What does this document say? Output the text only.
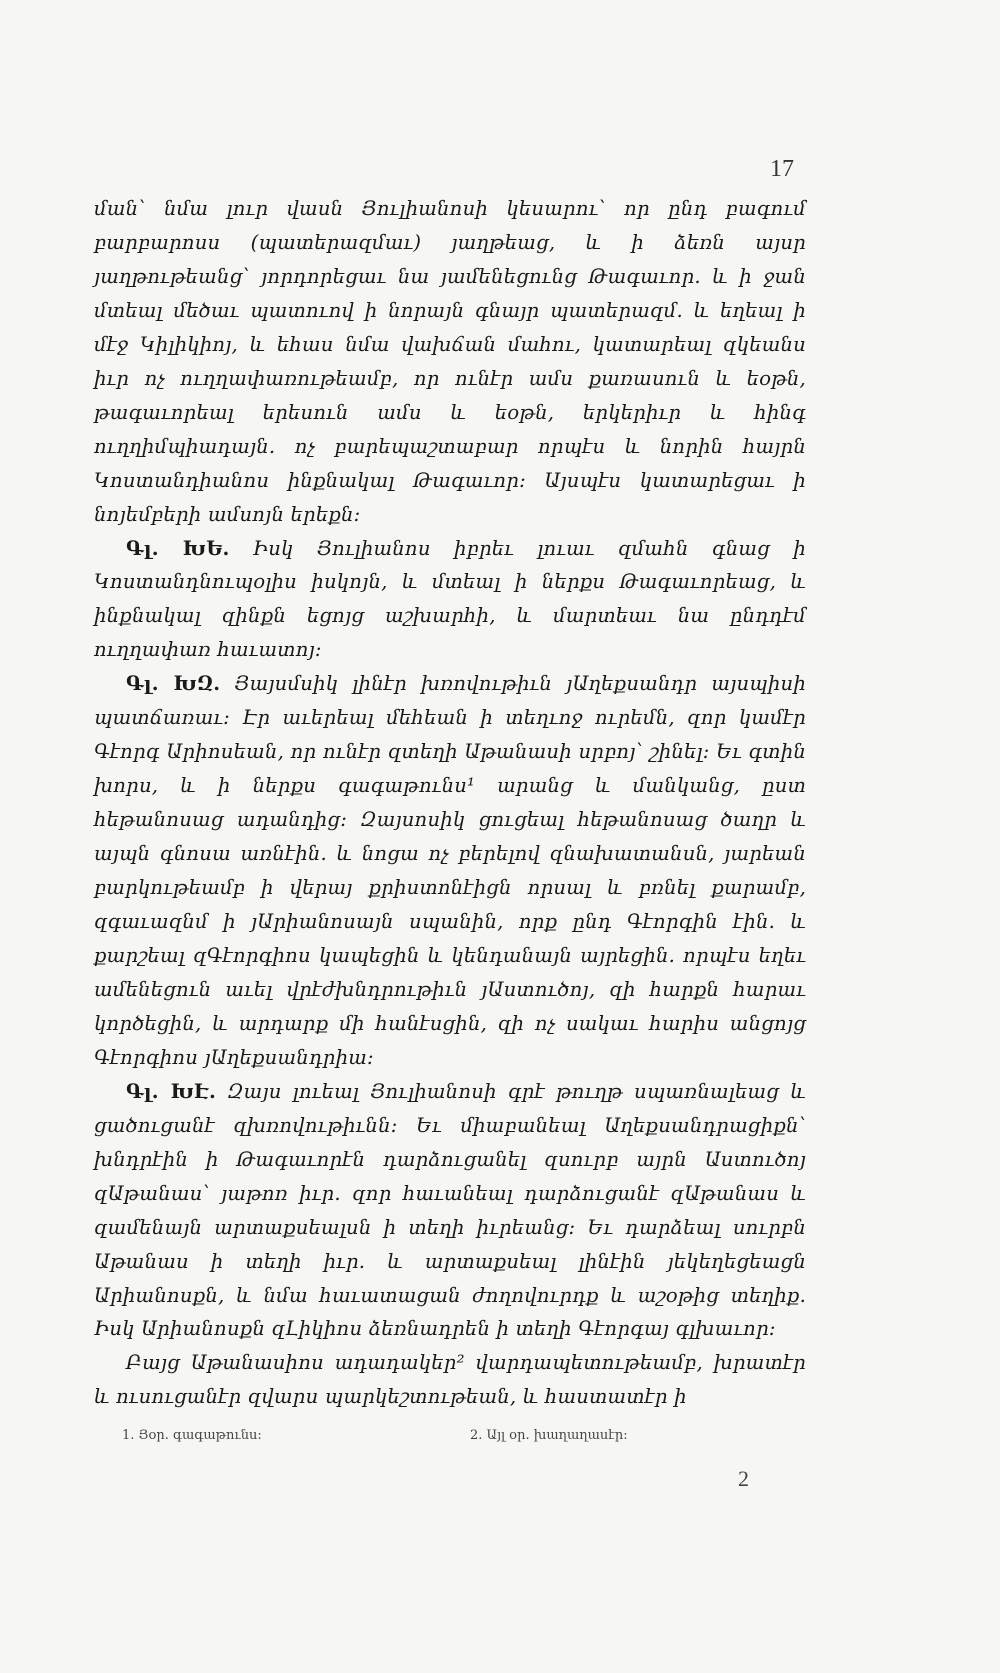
17

ման՝ նմա լուր վասն Յուլիանոսի կեսարու՝ որ ընդ բագում բարբարոսս (պատերազմաւ) յաղթեաց, և ի ձեռն այսր յաղթութեանց՝ յորդորեցաւ նա յամենեցունց Թագաւոր. և ի ջան մտեալ մեծաւ պատուով ի նորայն գնայր պատերազմ. և եղեալ ի մէջ Կիլիկիոյ, և եհաս նմա վախճան մահու, կատարեալ զկեանս իւր ոչ ուղղափառութեամբ, որ ունէր ամս քառասուն և եօթն, թագաւորեալ երեսուն ամս և եօթն, երկերիւր և հինգ ուղղիմպիադայն. ոչ բարեպաշտաբար որպէս և նորին հայրն Կոստանդիանոս ինքնակալ Թագաւոր: Այսպէս կատարեցաւ ի նոյեմբերի ամսոյն երեքն:

Գլ. ԽԵ. Իսկ Յուլիանոս իբրեւ լուաւ զմահն գնաց ի Կոստանդնուպօլիս իսկոյն, և մտեալ ի ներքս Թագաւորեաց, և ինքնակալ զինքն եցոյց աշխարհի, և մարտեաւ նա ընդդէմ ուղղափառ հաւատոյ:

Գլ. ԽԶ. Յայսմսիկ լինէր խռովութիւն յԱղեքսանդր այսպիսի պատճառաւ: Էր աւերեալ մեհեան ի տեղւոջ ուրեմն, զոր կամէր Գէորգ Արիոսեան, որ ունէր զտեղի Աթանասի սրբոյ՝ շինել: Եւ գտին խորս, և ի ներքս գագաթունս¹ արանց և մանկանց, ըստ հեթանոսաց ադանդից: Զայսոսիկ ցուցեալ հեթանոսաց ծաղր և այպն գնոսա առնէին. և նոցա ոչ բերելով զնախատանսն, յարեան բարկութեամբ ի վերայ քրիստոնէիցն որսալ և բռնել քարամբ, զգաւազնմ ի յԱրիանոսայն սպանին, որք ընդ Գէորգին էին. և քարշեալ զԳէորգիոս կապեցին և կենդանայն այրեցին. որպէս եղեւ ամենեցուն աւել վրէժխնդրութիւն յԱստուծոյ, զի հարքն հարաւ կործեցին, և արդարք մի հանէսցին, զի ոչ սակաւ հարիս անցոյց Գէորգիոս յԱղեքսանդրիա:

Գլ. ԽԷ. Զայս լուեալ Յուլիանոսի գրէ թուղթ սպառնալեաց և ցածուցանէ զխռովութիւնն: Եւ միաբանեալ Աղեքսանդրացիքն՝ խնդրէին ի Թագաւորէն դարձուցանել զսուրբ այրն Աստուծոյ զԱթանաս՝ յաթոռ իւր. զոր հաւանեալ դարձուցանէ զԱթանաս և զամենայն արտաքսեալսն ի տեղի իւրեանց: Եւ դարձեալ սուրբն Աթանաս ի տեղի իւր. և արտաքսեալ լինէին յեկեղեցեացն Արիանոսքն, և նմա հաւատացան ժողովուրդք և աշօթից տեղիք. Իսկ Արիանոսքն զԼիկիոս ձեռնադրեն ի տեղի Գէորգայ գլխաւոր:

Բայց Աթանասիոս ադադակեր² վարդապետութեամբ, խրատէր և ուսուցանէր զվարս պարկեշտութեան, և հաստատէր ի

1. Յօր. գագաթունս:	2. Այլ օր. խաղաղասէր:
2
